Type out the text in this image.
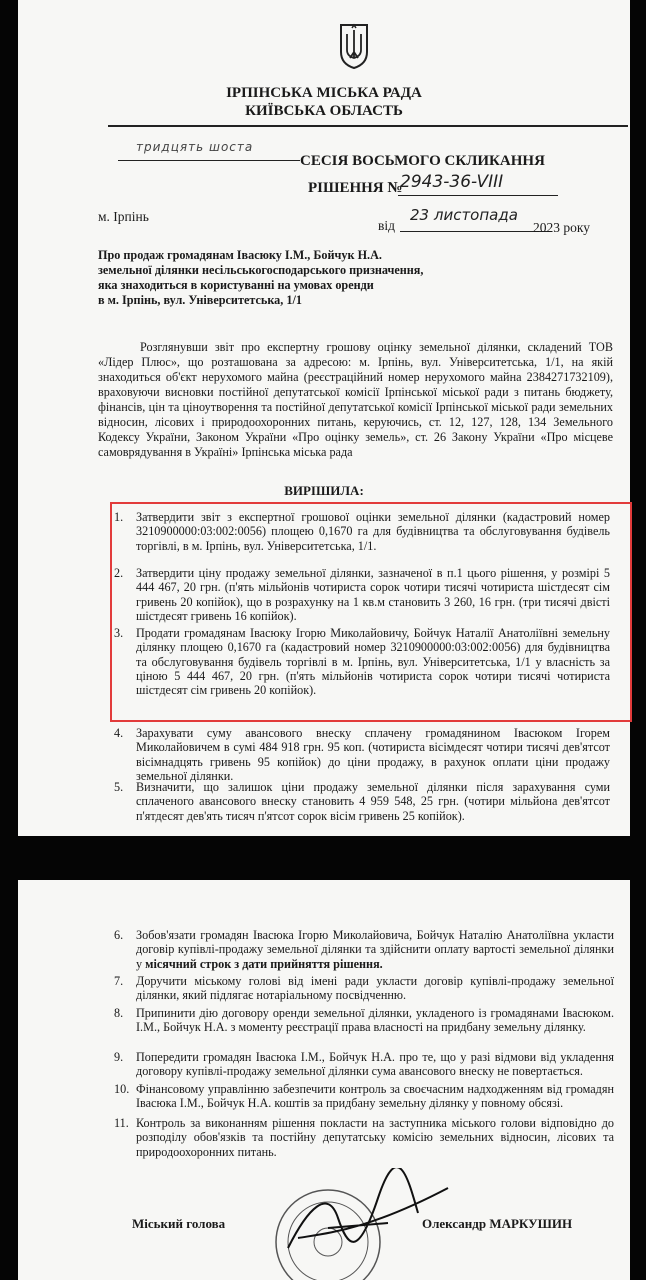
ІРПІНСЬКА МІСЬКА РАДА
КИЇВСЬКА ОБЛАСТЬ
тридцять шоста
СЕСІЯ ВОСЬМОГО СКЛИКАННЯ
РІШЕННЯ №
2943-36-VIII
м. Ірпінь
від
23 листопада
2023 року
Про продаж громадянам Івасюку І.М., Бойчук Н.А.
земельної ділянки несільськогосподарського призначення,
яка знаходиться в користуванні на умовах оренди
в м. Ірпінь, вул. Університетська, 1/1
Розглянувши звіт про експертну грошову оцінку земельної ділянки, складений ТОВ «Лідер Плюс», що розташована за адресою: м. Ірпінь, вул. Університетська, 1/1, на якій знаходиться об'єкт нерухомого майна (реєстраційний номер нерухомого майна 2384271732109), враховуючи висновки постійної депутатської комісії Ірпінської міської ради з питань бюджету, фінансів, цін та ціноутворення та постійної депутатської комісії Ірпінської міської ради земельних відносин, лісових і природоохоронних питань, керуючись, ст. 12, 127, 128, 134 Земельного Кодексу України, Законом України «Про оцінку земель», ст. 26 Закону України «Про місцеве самоврядування в Україні» Ірпінська міська рада
ВИРІШИЛА:
1. Затвердити звіт з експертної грошової оцінки земельної ділянки (кадастровий номер 3210900000:03:002:0056) площею 0,1670 га для будівництва та обслуговування будівель торгівлі, в м. Ірпінь, вул. Університетська, 1/1.
2. Затвердити ціну продажу земельної ділянки, зазначеної в п.1 цього рішення, у розмірі 5 444 467, 20 грн. (п'ять мільйонів чотириста сорок чотири тисячі чотириста шістдесят сім гривень 20 копійок), що в розрахунку на 1 кв.м становить 3 260, 16 грн. (три тисячі двісті шістдесят гривень 16 копійок).
3. Продати громадянам Івасюку Ігорю Миколайовичу, Бойчук Наталії Анатоліївні земельну ділянку площею 0,1670 га (кадастровий номер 3210900000:03:002:0056) для будівництва та обслуговування будівель торгівлі в м. Ірпінь, вул. Університетська, 1/1 у власність за ціною 5 444 467, 20 грн. (п'ять мільйонів чотириста сорок чотири тисячі чотириста шістдесят сім гривень 20 копійок).
4. Зарахувати суму авансового внеску сплачену громадянином Івасюком Ігорем Миколайовичем в сумі 484 918 грн. 95 коп. (чотириста вісімдесят чотири тисячі дев'ятсот вісімнадцять гривень 95 копійок) до ціни продажу, в рахунок оплати ціни продажу земельної ділянки.
5. Визначити, що залишок ціни продажу земельної ділянки після зарахування суми сплаченого авансового внеску становить 4 959 548, 25 грн. (чотири мільйона дев'ятсот п'ятдесят дев'ять тисяч п'ятсот сорок вісім гривень 25 копійок).
6. Зобов'язати громадян Івасюка Ігорю Миколайовича, Бойчук Наталію Анатоліївна укласти договір купівлі-продажу земельної ділянки та здійснити оплату вартості земельної ділянки у місячний строк з дати прийняття рішення.
7. Доручити міському голові від імені ради укласти договір купівлі-продажу земельної ділянки, який підлягає нотаріальному посвідченню.
8. Припинити дію договору оренди земельної ділянки, укладеного із громадянами Івасюком. І.М., Бойчук Н.А. з моменту реєстрації права власності на придбану земельну ділянку.
9. Попередити громадян Івасюка І.М., Бойчук Н.А. про те, що у разі відмови від укладення договору купівлі-продажу земельної ділянки сума авансового внеску не повертається.
10. Фінансовому управлінню забезпечити контроль за своєчасним надходженням від громадян Івасюка І.М., Бойчук Н.А. коштів за придбану земельну ділянку у повному обсязі.
11. Контроль за виконанням рішення покласти на заступника міського голови відповідно до розподілу обов'язків та постійну депутатську комісію земельних відносин, лісових та природоохоронних питань.
Міський голова	Олександр МАРКУШИН
